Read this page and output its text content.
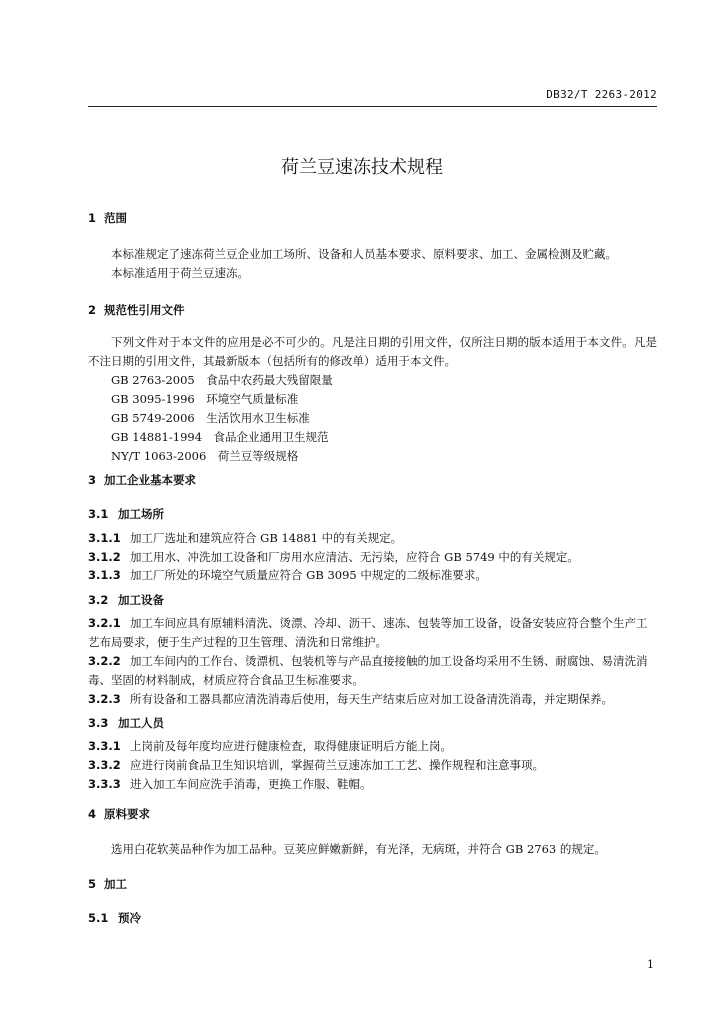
DB32/T 2263-2012
荷兰豆速冻技术规程
1 范围
本标准规定了速冻荷兰豆企业加工场所、设备和人员基本要求、原料要求、加工、金属检测及贮藏。
本标准适用于荷兰豆速冻。
2 规范性引用文件
下列文件对于本文件的应用是必不可少的。凡是注日期的引用文件，仅所注日期的版本适用于本文件。凡是不注日期的引用文件，其最新版本（包括所有的修改单）适用于本文件。
GB 2763-2005　食品中农药最大残留限量
GB 3095-1996　环境空气质量标准
GB 5749-2006　生活饮用水卫生标准
GB 14881-1994　食品企业通用卫生规范
NY/T 1063-2006　荷兰豆等级规格
3 加工企业基本要求
3.1 加工场所
3.1.1 加工厂选址和建筑应符合 GB 14881 中的有关规定。
3.1.2 加工用水、冲洗加工设备和厂房用水应清洁、无污染，应符合 GB 5749 中的有关规定。
3.1.3 加工厂所处的环境空气质量应符合 GB 3095 中规定的二级标准要求。
3.2 加工设备
3.2.1 加工车间应具有原辅料清洗、烫漂、冷却、沥干、速冻、包装等加工设备，设备安装应符合整个生产工艺布局要求，便于生产过程的卫生管理、清洗和日常维护。
3.2.2 加工车间内的工作台、烫漂机、包装机等与产品直接接触的加工设备均采用不生锈、耐腐蚀、易清洗消毒、坚固的材料制成，材质应符合食品卫生标准要求。
3.2.3 所有设备和工器具都应清洗消毒后使用，每天生产结束后应对加工设备清洗消毒，并定期保养。
3.3 加工人员
3.3.1 上岗前及每年度均应进行健康检查，取得健康证明后方能上岗。
3.3.2 应进行岗前食品卫生知识培训，掌握荷兰豆速冻加工工艺、操作规程和注意事项。
3.3.3 进入加工车间应洗手消毒，更换工作服、鞋帽。
4 原料要求
选用白花软荚品种作为加工品种。豆荚应鲜嫩新鲜，有光泽，无病斑，并符合 GB 2763 的规定。
5 加工
5.1 预冷
1
